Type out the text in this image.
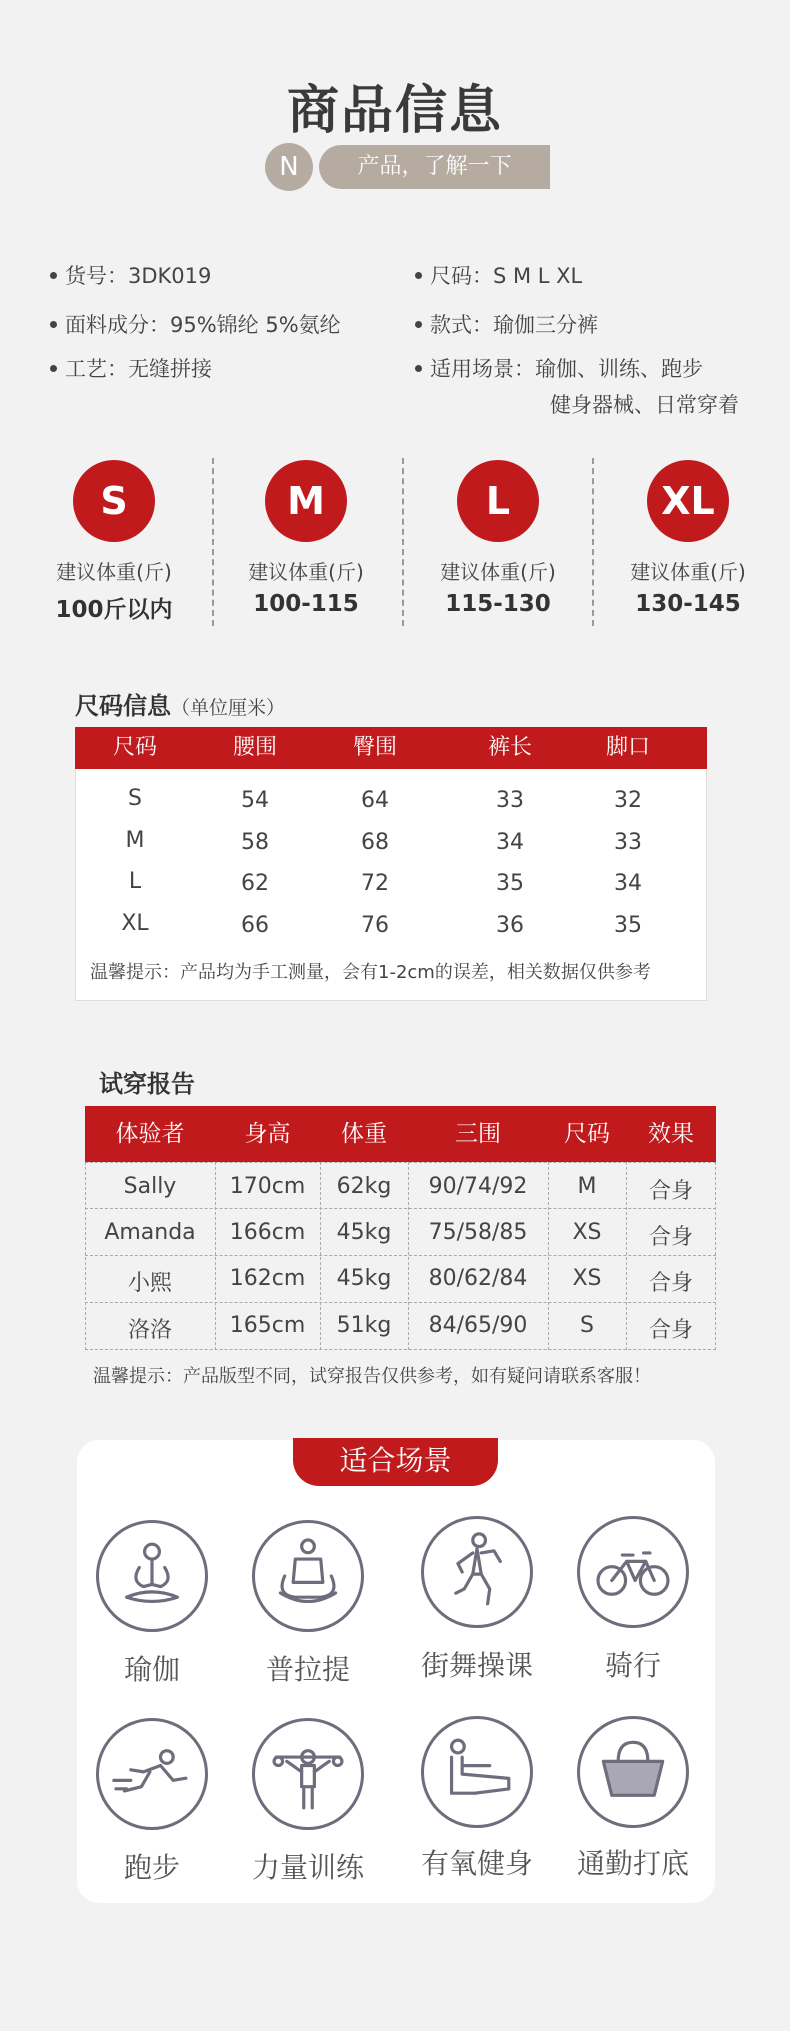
商品信息
N	产品，了解一下
货号：3DK019
面料成分：95%锦纶 5%氨纶
工艺：无缝拼接
尺码：S M L XL
款式：瑜伽三分裤
适用场景：瑜伽、训练、跑步
健身器械、日常穿着
S
建议体重(斤)
100斤以内
M
建议体重(斤)
100-115
L
建议体重(斤)
115-130
XL
建议体重(斤)
130-145
尺码信息（单位厘米）
尺码	腰围	臀围	裤长	脚口
S	54	64	33	32
M	58	68	34	33
L	62	72	35	34
XL	66	76	36	35
温馨提示：产品均为手工测量，会有1-2cm的误差，相关数据仅供参考
试穿报告
体验者	身高	体重	三围	尺码	效果
Sally	170cm	62kg	90/74/92	M	合身
Amanda	166cm	45kg	75/58/85	XS	合身
小熙	162cm	45kg	80/62/84	XS	合身
洛洛	165cm	51kg	84/65/90	S	合身
温馨提示：产品版型不同，试穿报告仅供参考，如有疑问请联系客服！
适合场景
瑜伽	普拉提	街舞操课	骑行
跑步	力量训练	有氧健身	通勤打底
